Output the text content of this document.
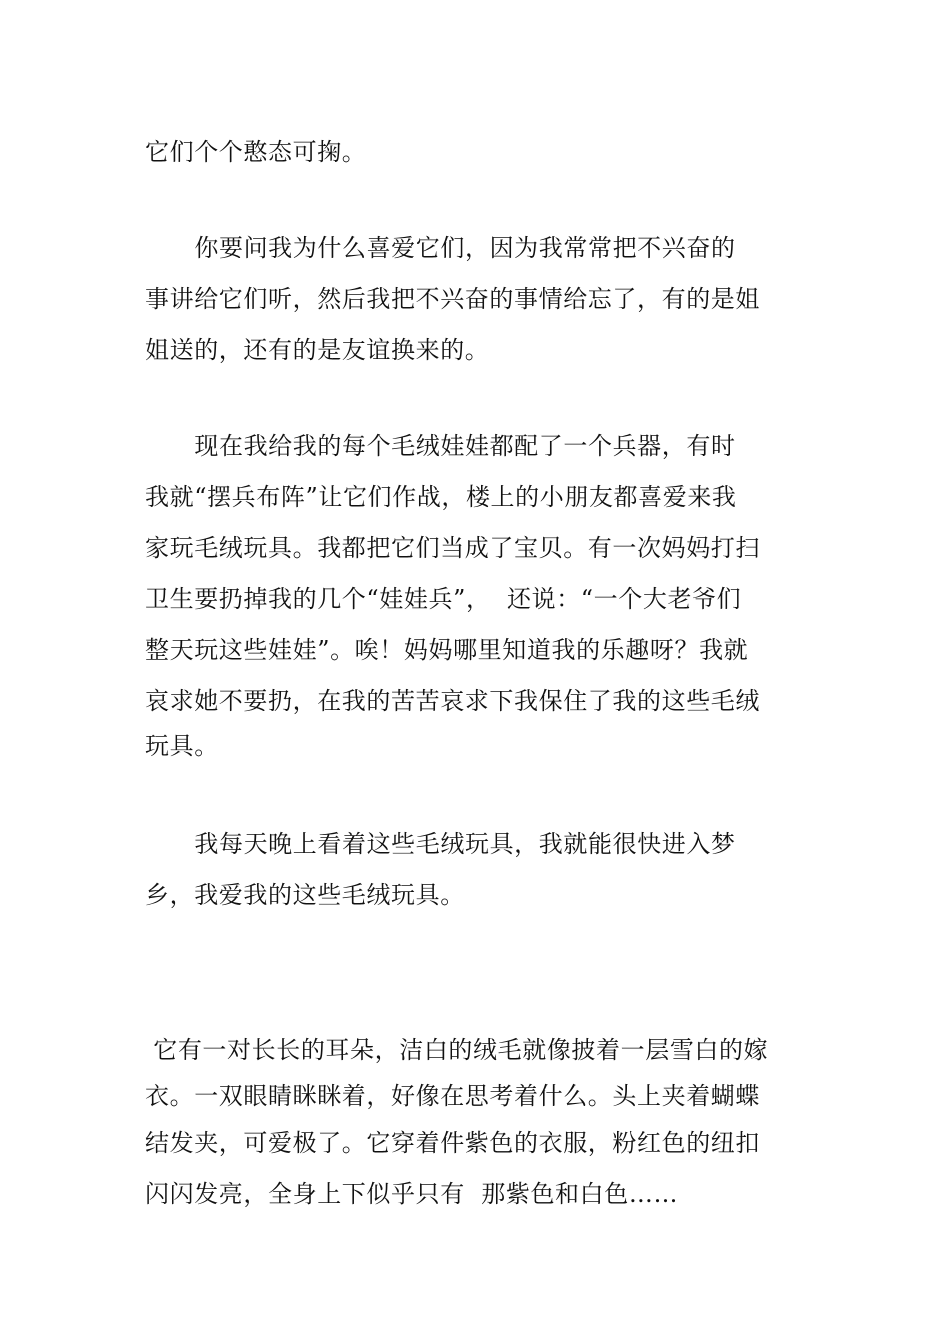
它们个个憨态可掬。
你要问我为什么喜爱它们，因为我常常把不兴奋的
事讲给它们听，然后我把不兴奋的事情给忘了，有的是姐
姐送的，还有的是友谊换来的。
现在我给我的每个毛绒娃娃都配了一个兵器，有时
我就“摆兵布阵”让它们作战，楼上的小朋友都喜爱来我
家玩毛绒玩具。我都把它们当成了宝贝。有一次妈妈打扫
卫生要扔掉我的几个“娃娃兵”，  还说：“一个大老爷们
整天玩这些娃娃”。唉！妈妈哪里知道我的乐趣呀？我就
哀求她不要扔，在我的苦苦哀求下我保住了我的这些毛绒
玩具。
我每天晚上看着这些毛绒玩具，我就能很快进入梦
乡，我爱我的这些毛绒玩具。
它有一对长长的耳朵，洁白的绒毛就像披着一层雪白的嫁
衣。一双眼睛眯眯着，好像在思考着什么。头上夹着蝴蝶
结发夹，可爱极了。它穿着件紫色的衣服，粉红色的纽扣
闪闪发亮，全身上下似乎只有  那紫色和白色……
